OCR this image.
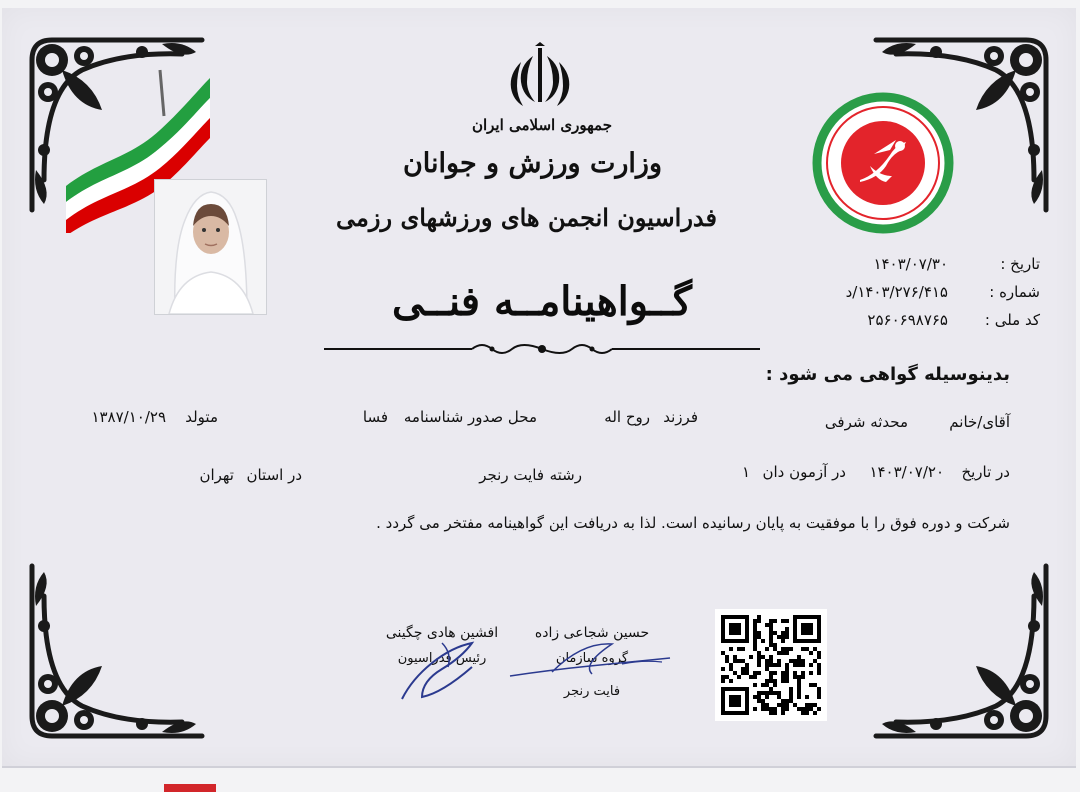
جمهوری اسلامی ایران
وزارت ورزش و جوانان
فدراسیون انجمن های ورزشهای رزمی
گــواهینامــه فنــی
تاریخ :
۱۴۰۳/۰۷/۳۰
شماره :
۱۴۰۳/۲۷۶/۴۱۵/د
کد ملی :
۲۵۶۰۶۹۸۷۶۵
بدینوسیله گواهی می شود :
آقای/خانم
محدثه شرفی
فرزند
روح اله
محل صدور شناسنامه
فسا
متولد
۱۳۸۷/۱۰/۲۹
در تاریخ
۱۴۰۳/۰۷/۲۰
در آزمون دان
۱
رشته
فایت رنجر
در استان
تهران
شرکت و دوره فوق را با موفقیت به پایان رسانیده است. لذا به دریافت این گواهینامه مفتخر می گردد .
حسین شجاعی زاده
گروه سازمان
فایت رنجر
افشین هادی چگینی
رئیس فدراسیون
